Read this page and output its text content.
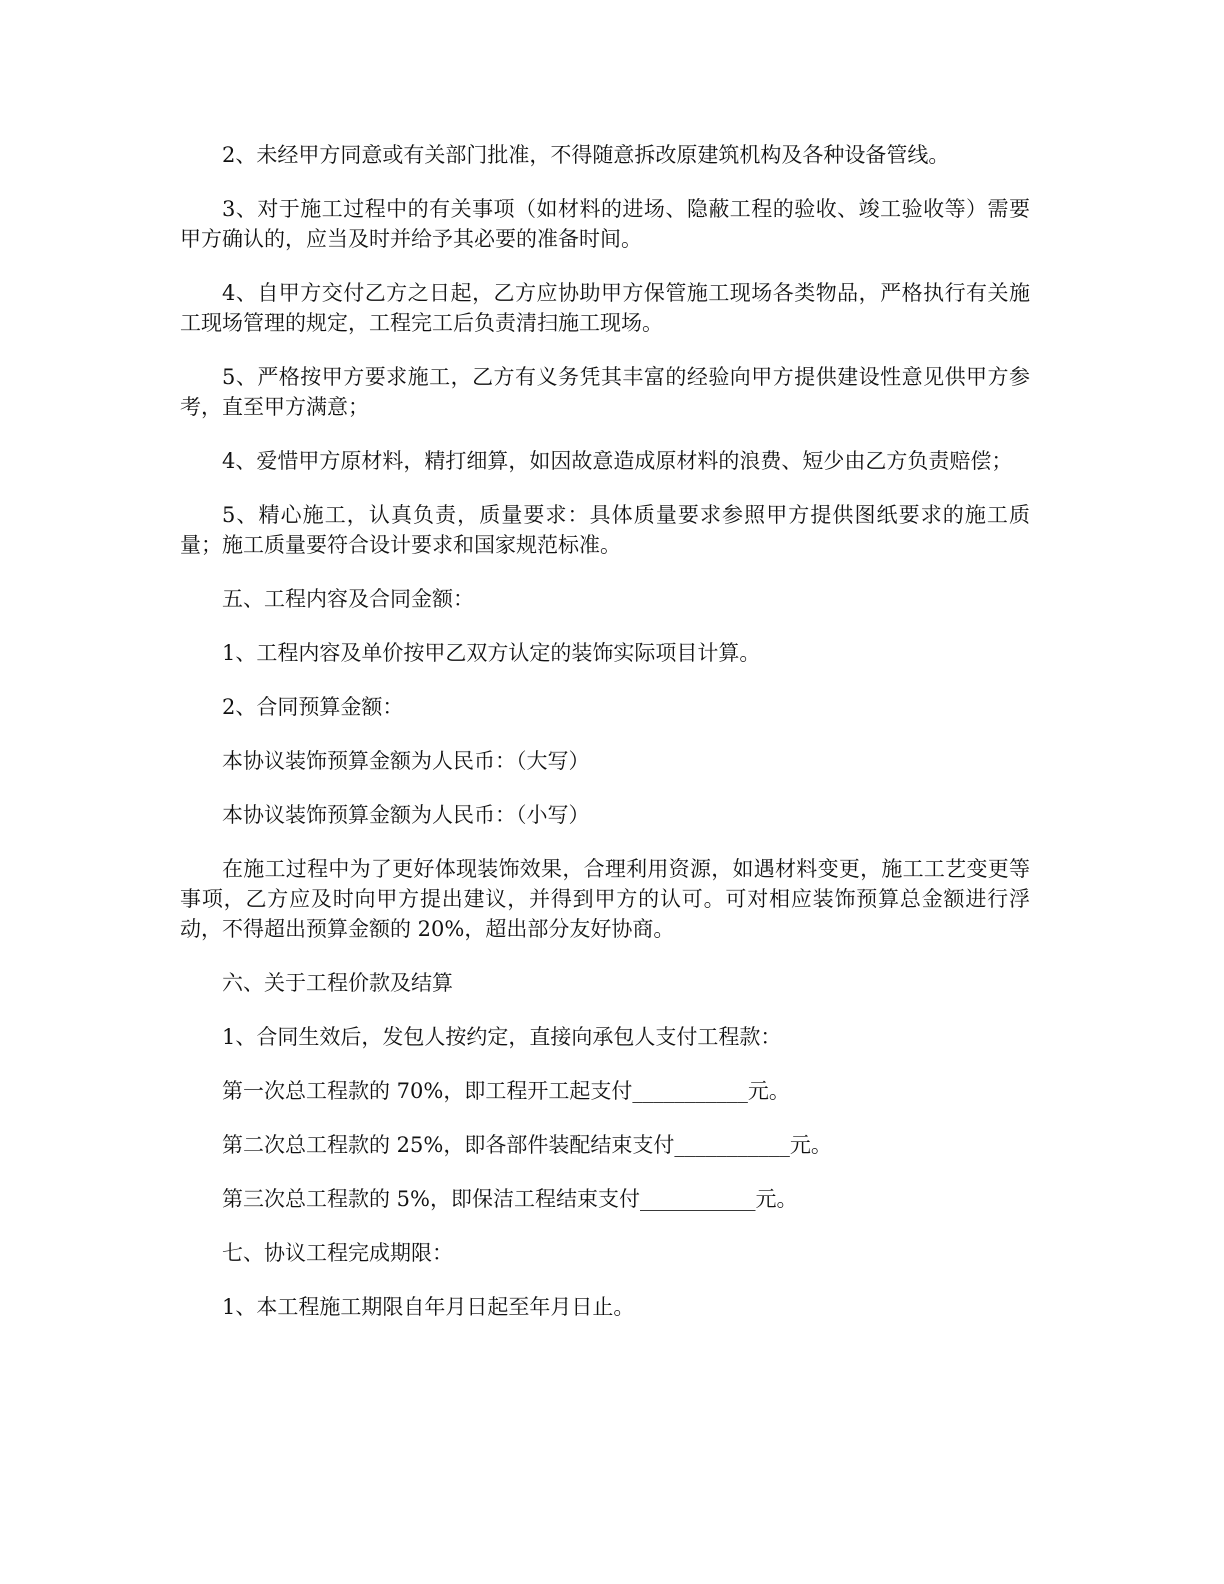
2、未经甲方同意或有关部门批准，不得随意拆改原建筑机构及各种设备管线。

3、对于施工过程中的有关事项（如材料的进场、隐蔽工程的验收、竣工验收等）需要甲方确认的，应当及时并给予其必要的准备时间。

4、自甲方交付乙方之日起，乙方应协助甲方保管施工现场各类物品，严格执行有关施工现场管理的规定，工程完工后负责清扫施工现场。

5、严格按甲方要求施工，乙方有义务凭其丰富的经验向甲方提供建设性意见供甲方参考，直至甲方满意；

4、爱惜甲方原材料，精打细算，如因故意造成原材料的浪费、短少由乙方负责赔偿；

5、精心施工，认真负责，质量要求：具体质量要求参照甲方提供图纸要求的施工质量；施工质量要符合设计要求和国家规范标准。

五、工程内容及合同金额：

1、工程内容及单价按甲乙双方认定的装饰实际项目计算。

2、合同预算金额：

本协议装饰预算金额为人民币：（大写）

本协议装饰预算金额为人民币：（小写）

在施工过程中为了更好体现装饰效果，合理利用资源，如遇材料变更，施工工艺变更等事项，乙方应及时向甲方提出建议，并得到甲方的认可。可对相应装饰预算总金额进行浮动，不得超出预算金额的 20%，超出部分友好协商。

六、关于工程价款及结算

1、合同生效后，发包人按约定，直接向承包人支付工程款：

第一次总工程款的 70%，即工程开工起支付___________元。

第二次总工程款的 25%，即各部件装配结束支付___________元。

第三次总工程款的 5%，即保洁工程结束支付___________元。

七、协议工程完成期限：

1、本工程施工期限自年月日起至年月日止。
